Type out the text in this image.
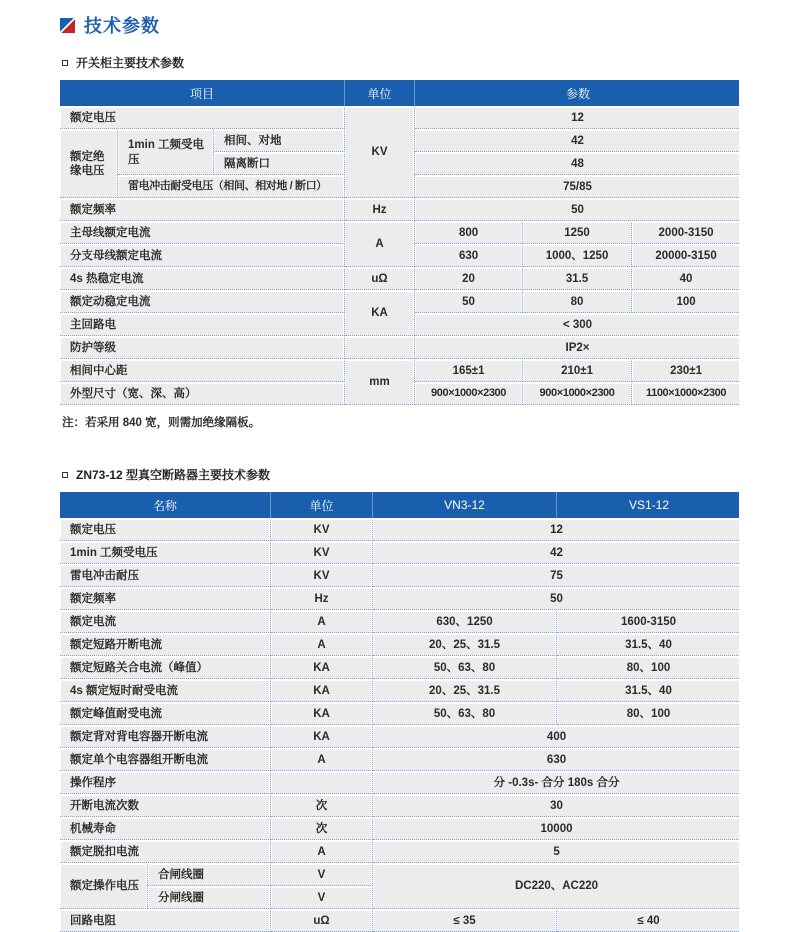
技术参数
开关柜主要技术参数
项目			单位	参数		
额定电压			KV	12		
额定绝缘电压	1min 工频受电压	相间、对地		42		
		隔离断口		48		
	雷电冲击耐受电压（相间、相对地 / 断口）			75/85		
额定频率			Hz	50		
主母线额定电流			A	800	1250	2000-3150
分支母线额定电流				630	1000、1250	20000-3150
4s 热稳定电流			uΩ	20	31.5	40
额定动稳定电流			KA	50	80	100
主回路电				< 300		
防护等级				IP2×		
相间中心距			mm	165±1	210±1	230±1
外型尺寸（宽、深、高）				900×1000×2300	900×1000×2300	1100×1000×2300
注：若采用 840 宽，则需加绝缘隔板。
ZN73-12 型真空断路器主要技术参数
名称		单位	VN3-12	VS1-12
额定电压		KV	12	
1min 工频受电压		KV	42	
雷电冲击耐压		KV	75	
额定频率		Hz	50	
额定电流		A	630、1250	1600-3150
额定短路开断电流		A	20、25、31.5	31.5、40
额定短路关合电流（峰值）		KA	50、63、80	80、100
4s 额定短时耐受电流		KA	20、25、31.5	31.5、40
额定峰值耐受电流		KA	50、63、80	80、100
额定背对背电容器开断电流		KA	400	
额定单个电容器组开断电流		A	630	
操作程序			分 -0.3s- 合分 180s 合分	
开断电流次数		次	30	
机械寿命		次	10000	
额定脱扣电流		A	5	
额定操作电压	合闸线圈	V	DC220、AC220	
	分闸线圈	V		
回路电阻		uΩ	≤ 35	≤ 40
